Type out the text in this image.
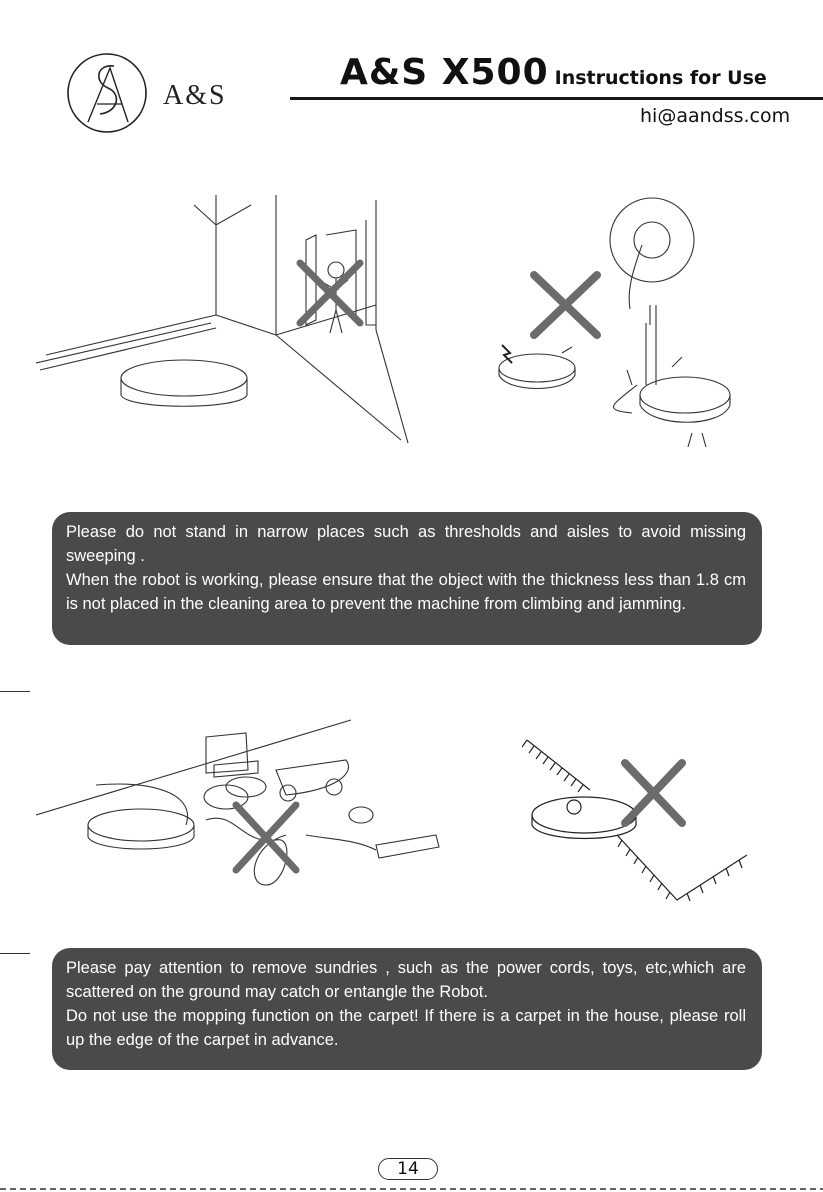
A&S
A&S X500 Instructions for Use
hi@aandss.com

Please do not stand in narrow places such as thresholds and aisles to avoid missing sweeping .

When the robot is working, please ensure that the object with the thickness less than 1.8 cm is not placed in the cleaning area to prevent the machine from climbing and jamming.

Please pay attention to remove sundries , such as the power cords, toys, etc,which are scattered on the ground may catch or entangle the Robot.

Do not use the mopping function on the carpet! If there is a carpet in the house, please roll up the edge of the carpet in advance.

14
